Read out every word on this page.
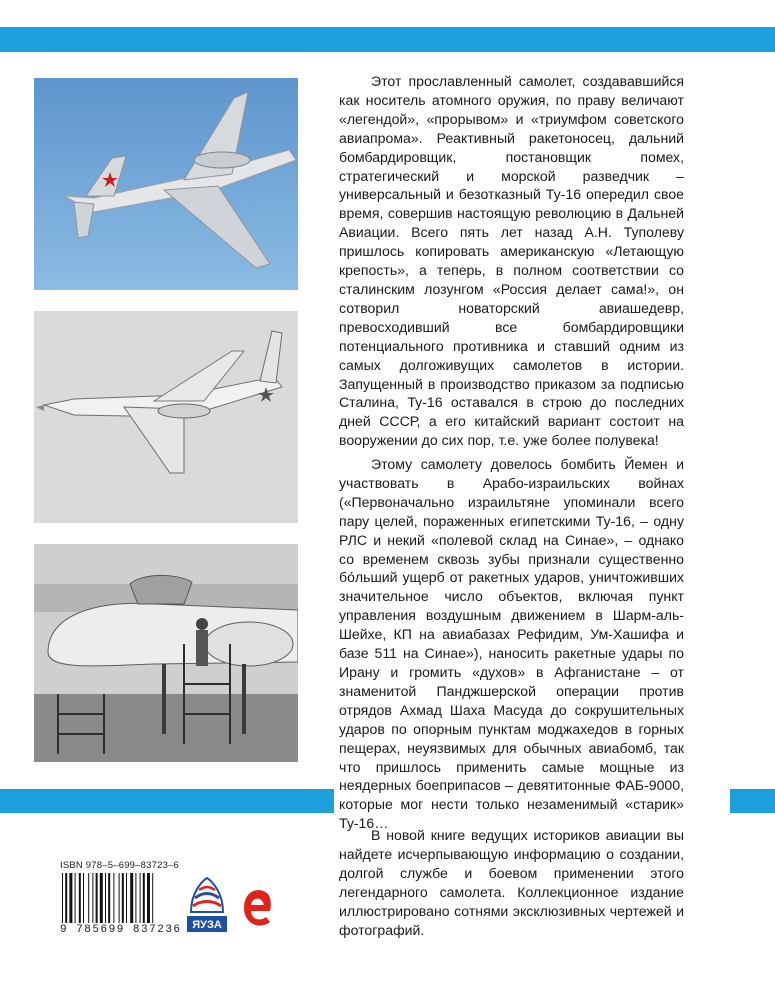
Этот прославленный самолет, создававшийся как носитель атомного оружия, по праву величают «легендой», «прорывом» и «триумфом советского авиапрома». Реактивный ракетоносец, дальний бомбардировщик, постановщик помех, стратегический и морской разведчик – универсальный и безотказный Ту-16 опередил свое время, совершив настоящую революцию в Дальней Авиации. Всего пять лет назад А.Н. Туполеву пришлось копировать американскую «Летающую крепость», а теперь, в полном соответствии со сталинским лозунгом «Россия делает сама!», он сотворил новаторский авиашедевр, превосходивший все бомбардировщики потенциального противника и ставший одним из самых долгоживущих самолетов в истории. Запущенный в производство приказом за подписью Сталина, Ту-16 оставался в строю до последних дней СССР, а его китайский вариант состоит на вооружении до сих пор, т.е. уже более полувека!

Этому самолету довелось бомбить Йемен и участвовать в Арабо-израильских войнах («Первоначально израильтяне упоминали всего пару целей, пораженных египетскими Ту-16, – одну РЛС и некий «полевой склад на Синае», – однако со временем сквозь зубы признали существенно бо́льший ущерб от ракетных ударов, уничтоживших значительное число объектов, включая пункт управления воздушным движением в Шарм-аль-Шейхе, КП на авиабазах Рефидим, Ум-Хашифа и базе 511 на Синае»), наносить ракетные удары по Ирану и громить «духов» в Афганистане – от знаменитой Панджшерской операции против отрядов Ахмад Шаха Масуда до сокрушительных ударов по опорным пунктам моджахедов в горных пещерах, неуязвимых для обычных авиабомб, так что пришлось применить самые мощные из неядерных боеприпасов – девятитонные ФАБ-9000, которые мог нести только незаменимый «старик» Ту-16…

В новой книге ведущих историков авиации вы найдете исчерпывающую информацию о создании, долгой службе и боевом применении этого легендарного самолета. Коллекционное издание иллюстрировано сотнями эксклюзивных чертежей и фотографий.

ISBN 978–5–699–83723–6
9 785699 837236 ЯУЗА
